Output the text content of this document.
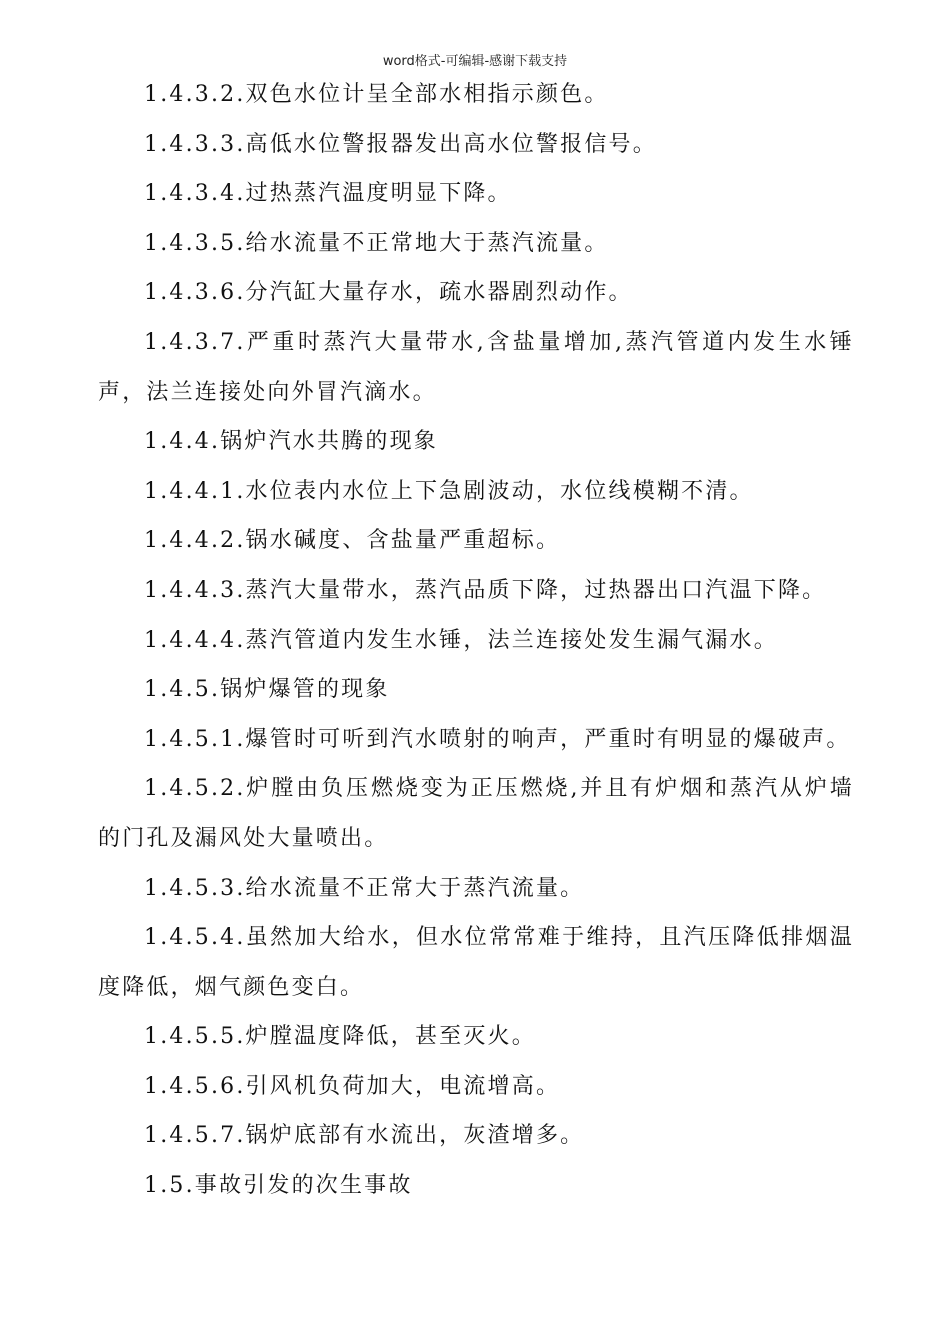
word格式-可编辑-感谢下载支持

1.4.3.2.双色水位计呈全部水相指示颜色。

1.4.3.3.高低水位警报器发出高水位警报信号。

1.4.3.4.过热蒸汽温度明显下降。

1.4.3.5.给水流量不正常地大于蒸汽流量。

1.4.3.6.分汽缸大量存水，疏水器剧烈动作。

1.4.3.7.严重时蒸汽大量带水,含盐量增加,蒸汽管道内发生水锤声，法兰连接处向外冒汽滴水。

1.4.4.锅炉汽水共腾的现象

1.4.4.1.水位表内水位上下急剧波动，水位线模糊不清。

1.4.4.2.锅水碱度、含盐量严重超标。

1.4.4.3.蒸汽大量带水，蒸汽品质下降，过热器出口汽温下降。

1.4.4.4.蒸汽管道内发生水锤，法兰连接处发生漏气漏水。

1.4.5.锅炉爆管的现象

1.4.5.1.爆管时可听到汽水喷射的响声，严重时有明显的爆破声。

1.4.5.2.炉膛由负压燃烧变为正压燃烧,并且有炉烟和蒸汽从炉墙的门孔及漏风处大量喷出。

1.4.5.3.给水流量不正常大于蒸汽流量。

1.4.5.4.虽然加大给水，但水位常常难于维持，且汽压降低排烟温度降低，烟气颜色变白。

1.4.5.5.炉膛温度降低，甚至灭火。

1.4.5.6.引风机负荷加大，电流增高。

1.4.5.7.锅炉底部有水流出，灰渣增多。

1.5.事故引发的次生事故
